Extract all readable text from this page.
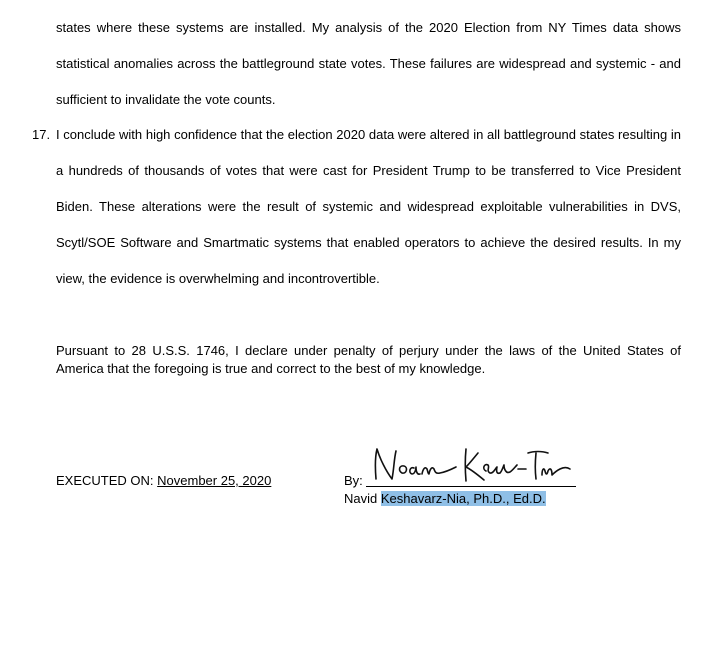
states where these systems are installed. My analysis of the 2020 Election from NY Times data shows statistical anomalies across the battleground state votes. These failures are widespread and systemic - and sufficient to invalidate the vote counts.

17. I conclude with high confidence that the election 2020 data were altered in all battleground states resulting in a hundreds of thousands of votes that were cast for President Trump to be transferred to Vice President Biden. These alterations were the result of systemic and widespread exploitable vulnerabilities in DVS, Scytl/SOE Software and Smartmatic systems that enabled operators to achieve the desired results. In my view, the evidence is overwhelming and incontrovertible.

Pursuant to 28 U.S.S. 1746, I declare under penalty of perjury under the laws of the United States of America that the foregoing is true and correct to the best of my knowledge.

EXECUTED ON: November 25, 2020	By:
Navid Keshavarz-Nia, Ph.D., Ed.D.
